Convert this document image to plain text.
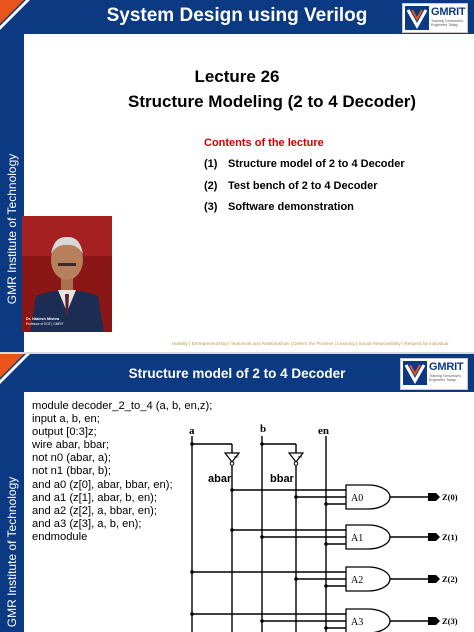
System Design using Verilog	GMRIT
Training Tomorrow's Engineers Today
GMR Institute of Technology
Lecture 26
Structure Modeling (2 to 4 Decoder)
Contents of the lecture
(1) Structure model of 2 to 4 Decoder
(2) Test bench of 2 to 4 Decoder
(3) Software demonstration
Dr. Ntalesh Mishra
Professor of ECE | GMRIT
Humility | Entrepreneurship | Teamwork and Relationships | Deliver the Promise | Learning | Social Responsibility | Respect for individual
Structure model of 2 to 4 Decoder	GMRIT
Training Tomorrow's Engineers Today
GMR Institute of Technology
module decoder_2_to_4 (a, b, en,z);
input a, b, en;
output [0:3]z;
wire abar, bbar;
not n0 (abar, a);
not n1 (bbar, b);
and a0 (z[0], abar, bbar, en);
and a1 (z[1], abar, b, en);
and a2 (z[2], a, bbar, en);
and a3 (z[3], a, b, en);
endmodule
n0	n1
A0
A1
A2
A3
a	b	en
abar	bbar
Z(0)
Z(1)
Z(2)
Z(3)
